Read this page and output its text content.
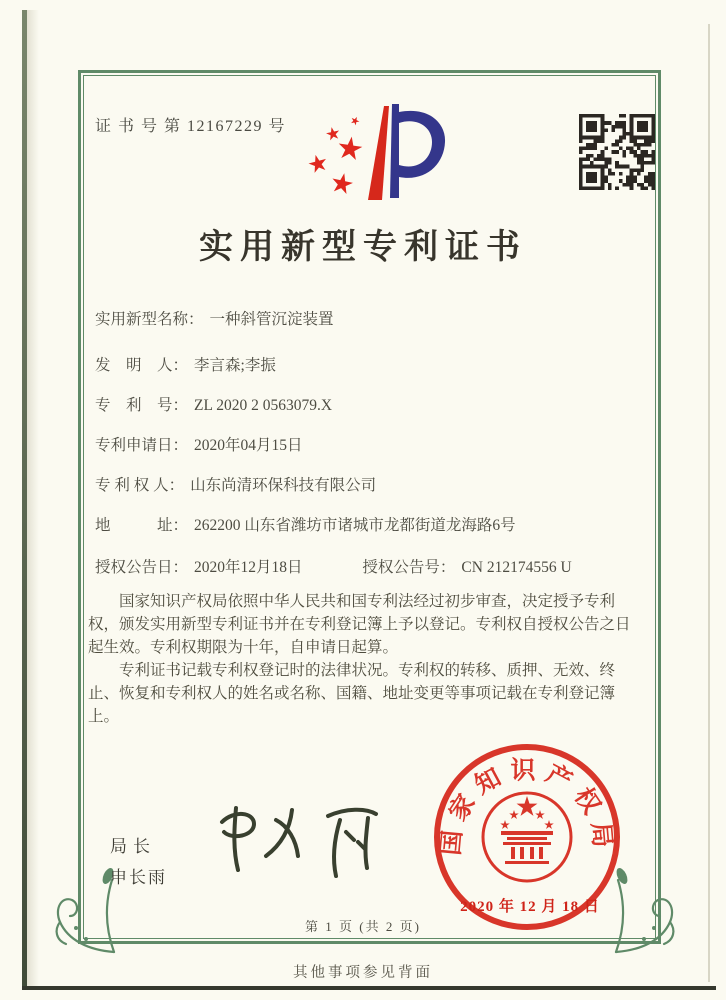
证 书 号 第 12167229 号
实用新型专利证书
实用新型名称： 一种斜管沉淀装置
发　明　人： 李言森;李振
专　利　号： ZL 2020 2 0563079.X
专利申请日： 2020年04月15日
专 利 权 人： 山东尚清环保科技有限公司
地　　　址： 262200 山东省潍坊市诸城市龙都街道龙海路6号
授权公告日： 2020年12月18日	授权公告号： CN 212174556 U

国家知识产权局依照中华人民共和国专利法经过初步审查，决定授予专利权，颁发实用新型专利证书并在专利登记簿上予以登记。专利权自授权公告之日起生效。专利权期限为十年，自申请日起算。

专利证书记载专利权登记时的法律状况。专利权的转移、质押、无效、终止、恢复和专利权人的姓名或名称、国籍、地址变更等事项记载在专利登记簿上。

局长
申长雨
国家知识产权局
2020 年 12 月 18 日
第 1 页 (共 2 页)
其他事项参见背面
